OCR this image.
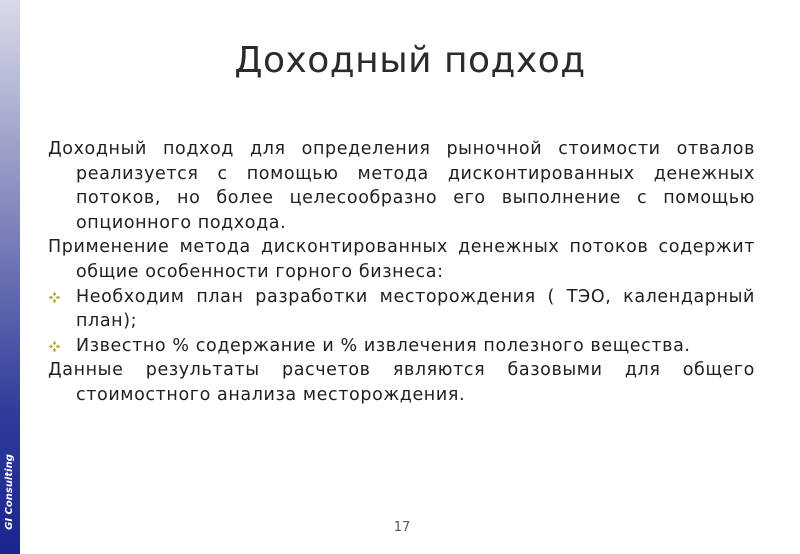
GI Consulting
Доходный подход

Доходный подход для определения рыночной стоимости отвалов реализуется с помощью метода дисконтированных денежных потоков, но более целесообразно его выполнение с помощью опционного подхода.

Применение метода дисконтированных денежных потоков содержит общие особенности горного бизнеса:

Необходим план разработки месторождения ( ТЭО, календарный план);
Известно % содержание и % извлечения полезного вещества.

Данные результаты расчетов являются базовыми для общего стоимостного анализа месторождения.

17
